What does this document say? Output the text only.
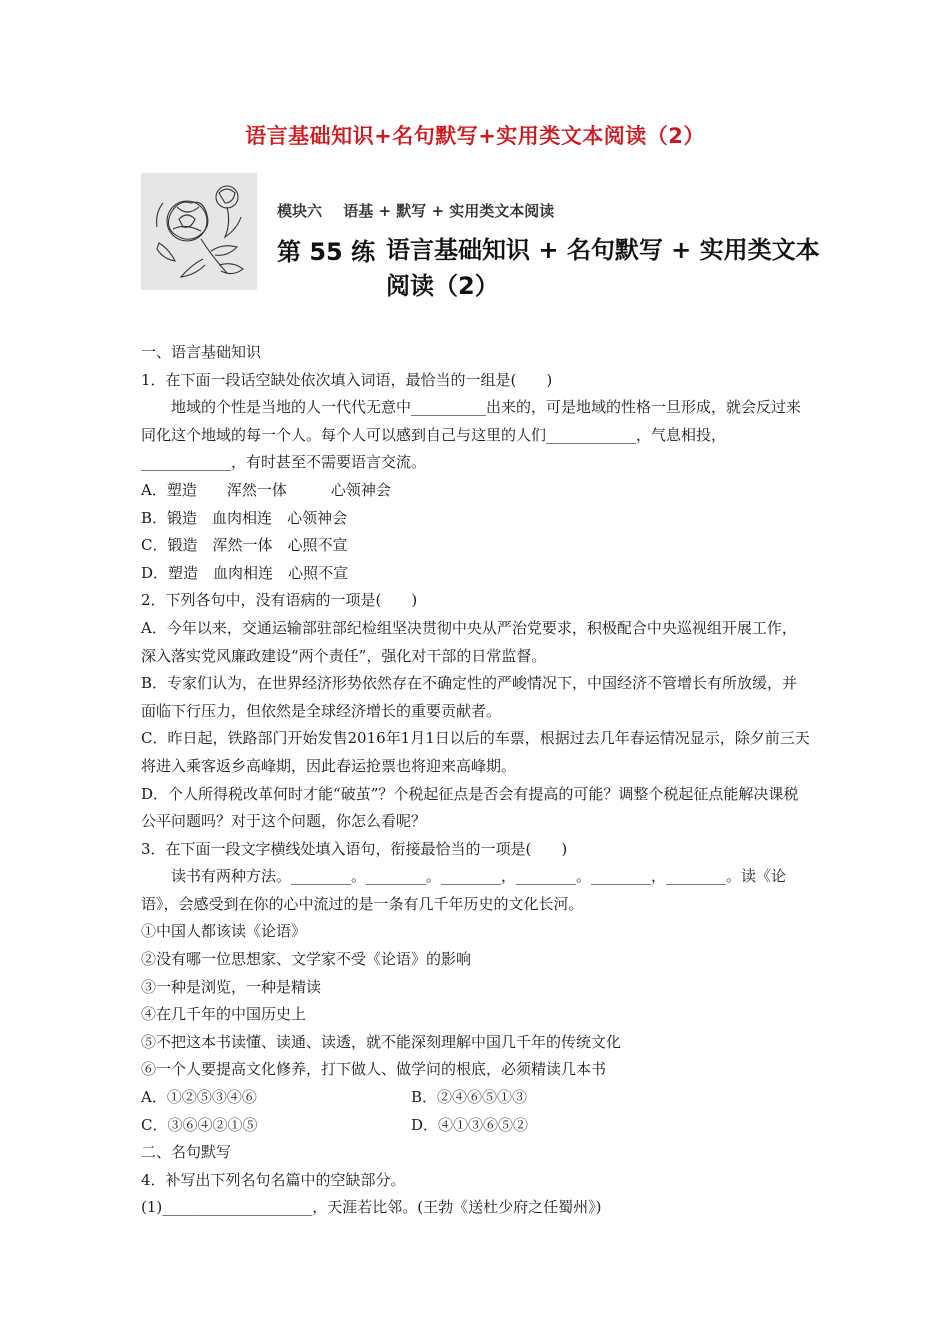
语言基础知识+名句默写+实用类文本阅读（2）
模块六 语基 + 默写 + 实用类文本阅读
第 55 练 语言基础知识 + 名句默写 + 实用类文本阅读（2）

一、语言基础知识

1．在下面一段话空缺处依次填入词语，最恰当的一组是(　　)

地域的个性是当地的人一代代无意中__________出来的，可是地域的性格一旦形成，就会反过来同化这个地域的每一个人。每个人可以感到自己与这里的人们____________，气息相投，____________，有时甚至不需要语言交流。

A．塑造 浑然一体	心领神会

B．锻造　 血肉相连　 心领神会

C．锻造　 浑然一体　 心照不宣

D．塑造　 血肉相连　 心照不宣

2．下列各句中，没有语病的一项是(　　)

A．今年以来，交通运输部驻部纪检组坚决贯彻中央从严治党要求，积极配合中央巡视组开展工作，深入落实党风廉政建设“两个责任”，强化对干部的日常监督。

B．专家们认为，在世界经济形势依然存在不确定性的严峻情况下，中国经济不管增长有所放缓，并面临下行压力，但依然是全球经济增长的重要贡献者。

C．昨日起，铁路部门开始发售2016年1月1日以后的车票，根据过去几年春运情况显示，除夕前三天将进入乘客返乡高峰期，因此春运抢票也将迎来高峰期。

D．个人所得税改革何时才能“破茧”？个税起征点是否会有提高的可能？调整个税起征点能解决课税公平问题吗？对于这个问题，你怎么看呢？

3．在下面一段文字横线处填入语句，衔接最恰当的一项是(　　)

读书有两种方法。________。________。________，________。________，________。读《论语》，会感受到在你的心中流过的是一条有几千年历史的文化长河。

①中国人都该读《论语》

②没有哪一位思想家、文学家不受《论语》的影响

③一种是浏览，一种是精读

④在几千年的中国历史上

⑤不把这本书读懂、读通、读透，就不能深刻理解中国几千年的传统文化

⑥一个人要提高文化修养，打下做人、做学问的根底，必须精读几本书

A．①②⑤③④⑥	B．②④⑥⑤①③

C．③⑥④②①⑤	D．④①③⑥⑤②

二、名句默写

4．补写出下列名句名篇中的空缺部分。

(1)____________________，天涯若比邻。(王勃《送杜少府之任蜀州》)
